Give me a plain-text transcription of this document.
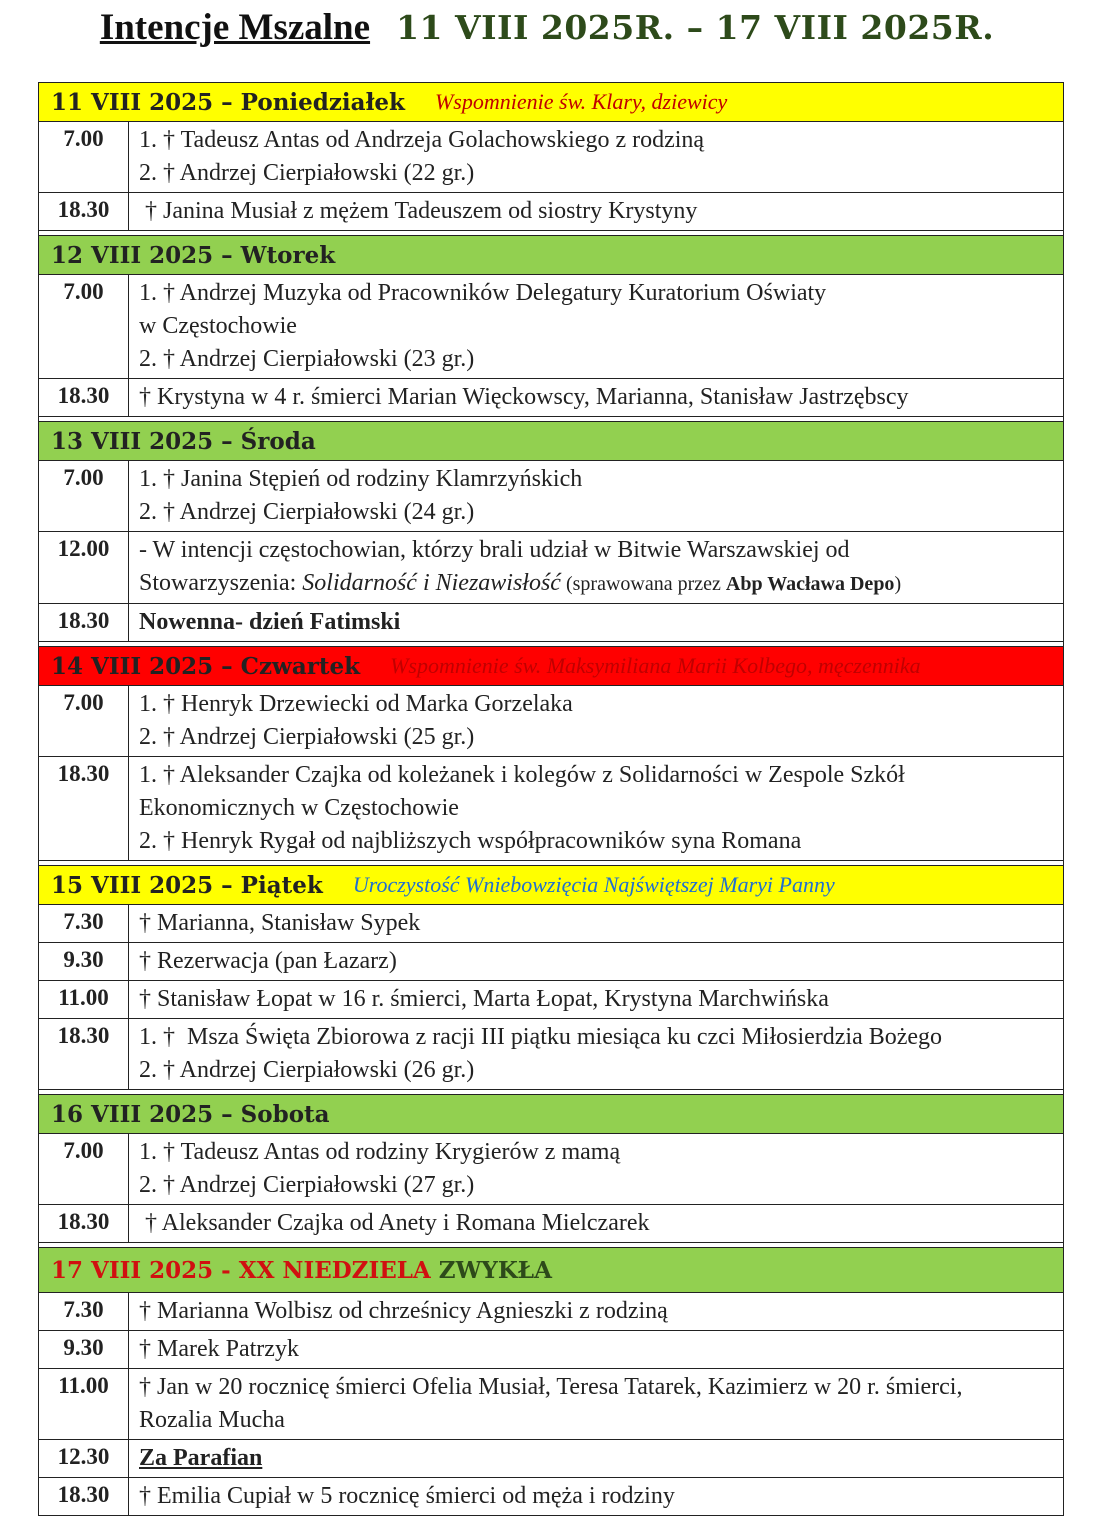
Intencje Mszalne 11 VIII 2025R. – 17 VIII 2025R.
11 VIII 2025 – Poniedziałek Wspomnienie św. Klary, dziewicy
7.00	1. † Tadeusz Antas od Andrzeja Golachowskiego z rodziną
2. † Andrzej Cierpiałowski (22 gr.)
18.30	† Janina Musiał z mężem Tadeuszem od siostry Krystyny
12 VIII 2025 – Wtorek
7.00	1. † Andrzej Muzyka od Pracowników Delegatury Kuratorium Oświaty
w Częstochowie
2. † Andrzej Cierpiałowski (23 gr.)
18.30	† Krystyna w 4 r. śmierci Marian Więckowscy, Marianna, Stanisław Jastrzębscy
13 VIII 2025 – Środa
7.00	1. † Janina Stępień od rodziny Klamrzyńskich
2. † Andrzej Cierpiałowski (24 gr.)
12.00	- W intencji częstochowian, którzy brali udział w Bitwie Warszawskiej od
Stowarzyszenia: Solidarność i Niezawisłość (sprawowana przez Abp Wacława Depo)
18.30	Nowenna- dzień Fatimski
14 VIII 2025 – Czwartek Wspomnienie św. Maksymiliana Marii Kolbego, męczennika
7.00	1. † Henryk Drzewiecki od Marka Gorzelaka
2. † Andrzej Cierpiałowski (25 gr.)
18.30	1. † Aleksander Czajka od koleżanek i kolegów z Solidarności w Zespole Szkół
Ekonomicznych w Częstochowie
2. † Henryk Rygał od najbliższych współpracowników syna Romana
15 VIII 2025 – Piątek Uroczystość Wniebowzięcia Najświętszej Maryi Panny
7.30	† Marianna, Stanisław Sypek
9.30	† Rezerwacja (pan Łazarz)
11.00	† Stanisław Łopat w 16 r. śmierci, Marta Łopat, Krystyna Marchwińska
18.30	1. †  Msza Święta Zbiorowa z racji III piątku miesiąca ku czci Miłosierdzia Bożego
2. † Andrzej Cierpiałowski (26 gr.)
16 VIII 2025 – Sobota
7.00	1. † Tadeusz Antas od rodziny Krygierów z mamą
2. † Andrzej Cierpiałowski (27 gr.)
18.30	† Aleksander Czajka od Anety i Romana Mielczarek
17 VIII 2025 - XX NIEDZIELA ZWYKŁA
7.30	† Marianna Wolbisz od chrześnicy Agnieszki z rodziną
9.30	† Marek Patrzyk
11.00	† Jan w 20 rocznicę śmierci Ofelia Musiał, Teresa Tatarek, Kazimierz w 20 r. śmierci,
Rozalia Mucha
12.30	Za Parafian
18.30	† Emilia Cupiał w 5 rocznicę śmierci od męża i rodziny
